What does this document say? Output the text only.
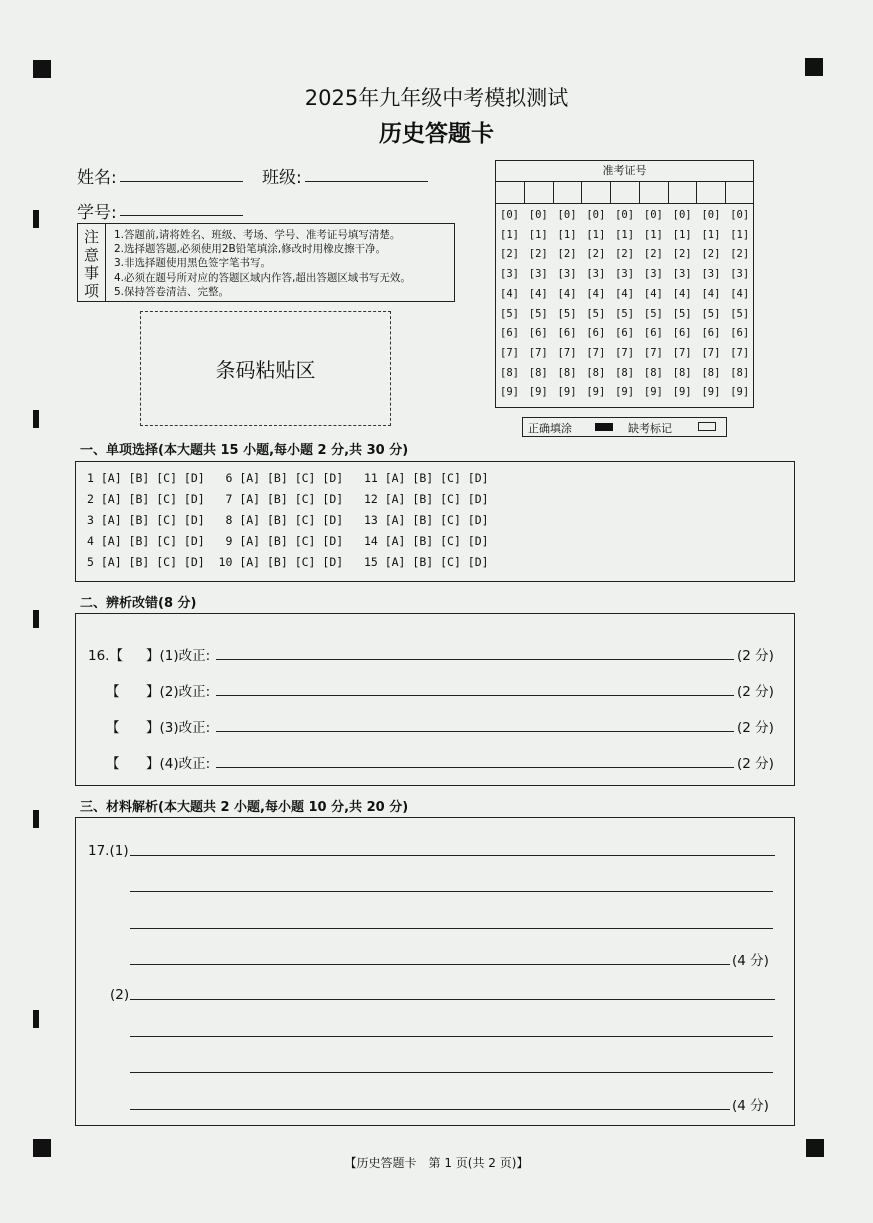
2025年九年级中考模拟测试
历史答题卡
姓名:	班级:
学号:
注
意
事
项
1.答题前,请将姓名、班级、考场、学号、准考证号填写清楚。
2.选择题答题,必须使用2B铅笔填涂,修改时用橡皮擦干净。
3.非选择题使用黑色签字笔书写。
4.必须在题号所对应的答题区域内作答,超出答题区域书写无效。
5.保持答卷清洁、完整。
条码粘贴区
准考证号
[0] [0] [0] [0] [0] [0] [0] [0] [0]
[1] [1] [1] [1] [1] [1] [1] [1] [1]
[2] [2] [2] [2] [2] [2] [2] [2] [2]
[3] [3] [3] [3] [3] [3] [3] [3] [3]
[4] [4] [4] [4] [4] [4] [4] [4] [4]
[5] [5] [5] [5] [5] [5] [5] [5] [5]
[6] [6] [6] [6] [6] [6] [6] [6] [6]
[7] [7] [7] [7] [7] [7] [7] [7] [7]
[8] [8] [8] [8] [8] [8] [8] [8] [8]
[9] [9] [9] [9] [9] [9] [9] [9] [9]
正确填涂	缺考标记
一、单项选择(本大题共 15 小题,每小题 2 分,共 30 分)
1 [A] [B] [C] [D]   6 [A] [B] [C] [D]   11 [A] [B] [C] [D]
2 [A] [B] [C] [D]   7 [A] [B] [C] [D]   12 [A] [B] [C] [D]
3 [A] [B] [C] [D]   8 [A] [B] [C] [D]   13 [A] [B] [C] [D]
4 [A] [B] [C] [D]   9 [A] [B] [C] [D]   14 [A] [B] [C] [D]
5 [A] [B] [C] [D]  10 [A] [B] [C] [D]   15 [A] [B] [C] [D]
二、辨析改错(8 分)
16.【 】(1)改正:	(2 分)
【 】(2)改正:	(2 分)
【 】(3)改正:	(2 分)
【 】(4)改正:	(2 分)
三、材料解析(本大题共 2 小题,每小题 10 分,共 20 分)
17.(1)
(4 分)
(2)
(4 分)
【历史答题卡　第 1 页(共 2 页)】
